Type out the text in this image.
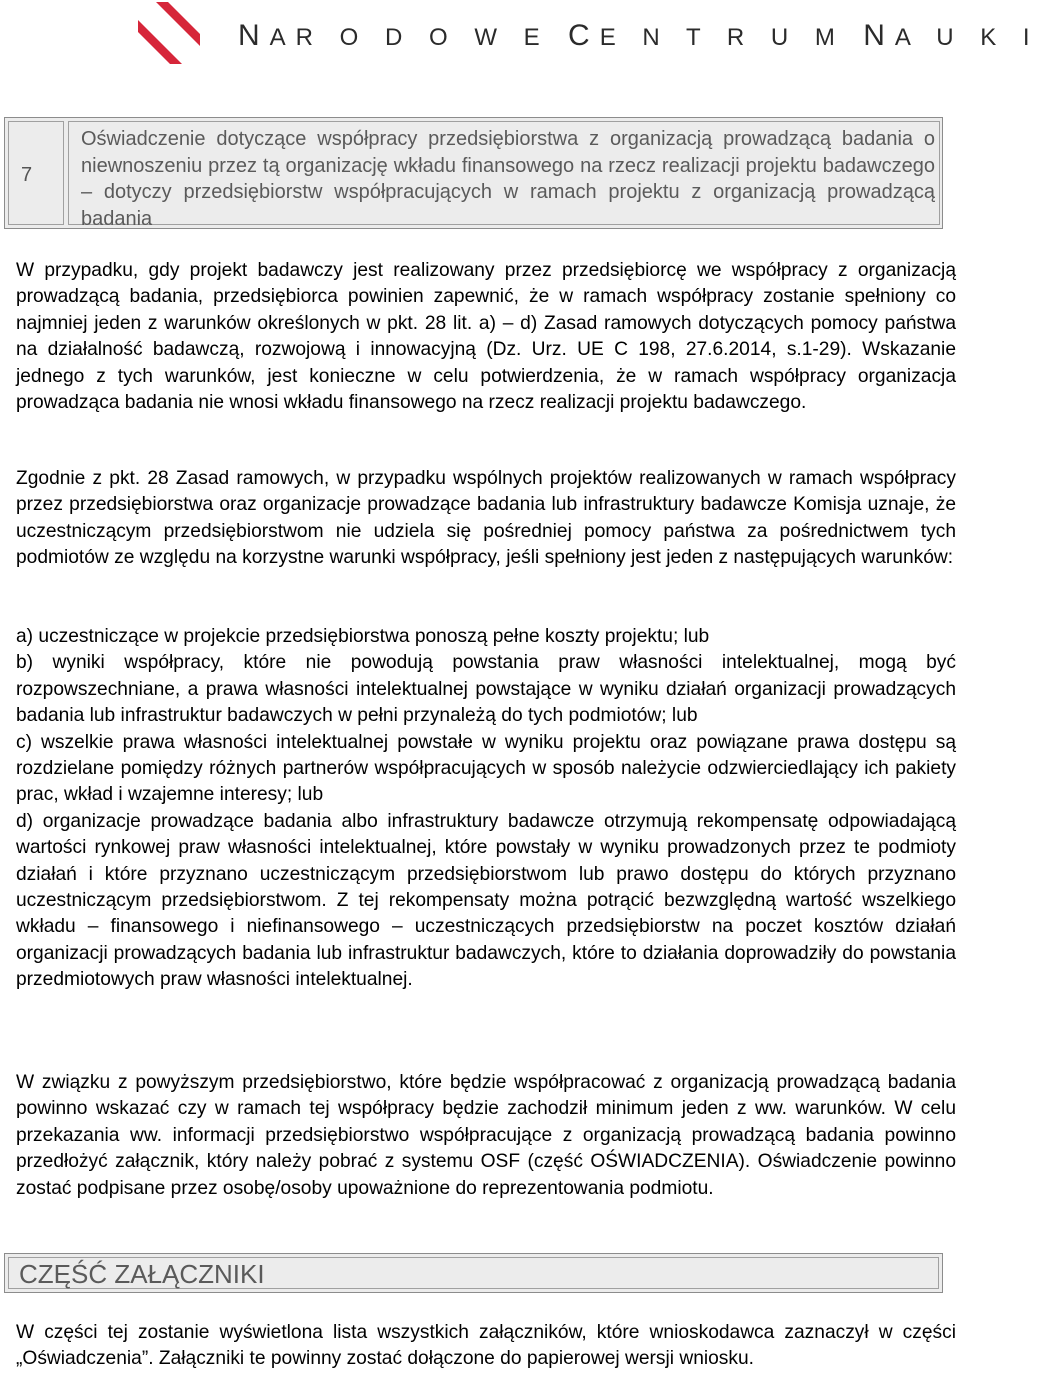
NAR O D O W E CE N T R U M NA U K I
7
Oświadczenie dotyczące współpracy przedsiębiorstwa z organizacją prowadzącą badania o niewnoszeniu przez tą organizację wkładu finansowego na rzecz realizacji projektu badawczego – dotyczy przedsiębiorstw współpracujących w ramach projektu z organizacją prowadzącą badania

W przypadku, gdy projekt badawczy jest realizowany przez przedsiębiorcę we współpracy z organizacją prowadzącą badania, przedsiębiorca powinien zapewnić, że w ramach współpracy zostanie spełniony co najmniej jeden z warunków określonych w pkt. 28 lit. a) – d) Zasad ramowych dotyczących pomocy państwa na działalność badawczą, rozwojową i innowacyjną (Dz. Urz. UE C 198, 27.6.2014, s.1-29). Wskazanie jednego z tych warunków, jest konieczne w celu potwierdzenia, że w ramach współpracy organizacja prowadząca badania nie wnosi wkładu finansowego na rzecz realizacji projektu badawczego.

Zgodnie z pkt. 28 Zasad ramowych, w przypadku wspólnych projektów realizowanych w ramach współpracy przez przedsiębiorstwa oraz organizacje prowadzące badania lub infrastruktury badawcze Komisja uznaje, że uczestniczącym przedsiębiorstwom nie udziela się pośredniej pomocy państwa za pośrednictwem tych podmiotów ze względu na korzystne warunki współpracy, jeśli spełniony jest jeden z następujących warunków:

a) uczestniczące w projekcie przedsiębiorstwa ponoszą pełne koszty projektu; lub
b) wyniki współpracy, które nie powodują powstania praw własności intelektualnej, mogą być rozpowszechniane, a prawa własności intelektualnej powstające w wyniku działań organizacji prowadzących badania lub infrastruktur badawczych w pełni przynależą do tych podmiotów; lub
c) wszelkie prawa własności intelektualnej powstałe w wyniku projektu oraz powiązane prawa dostępu są rozdzielane pomiędzy różnych partnerów współpracujących w sposób należycie odzwierciedlający ich pakiety prac, wkład i wzajemne interesy; lub
d) organizacje prowadzące badania albo infrastruktury badawcze otrzymują rekompensatę odpowiadającą wartości rynkowej praw własności intelektualnej, które powstały w wyniku prowadzonych przez te podmioty działań i które przyznano uczestniczącym przedsiębiorstwom lub prawo dostępu do których przyznano uczestniczącym przedsiębiorstwom. Z tej rekompensaty można potrącić bezwzględną wartość wszelkiego wkładu – finansowego i niefinansowego – uczestniczących przedsiębiorstw na poczet kosztów działań organizacji prowadzących badania lub infrastruktur badawczych, które to działania doprowadziły do powstania przedmiotowych praw własności intelektualnej.

W związku z powyższym przedsiębiorstwo, które będzie współpracować z organizacją prowadzącą badania powinno wskazać czy w ramach tej współpracy będzie zachodził minimum jeden z ww. warunków. W celu przekazania ww. informacji przedsiębiorstwo współpracujące z organizacją prowadzącą badania powinno przedłożyć załącznik, który należy pobrać z systemu OSF (część OŚWIADCZENIA). Oświadczenie powinno zostać podpisane przez osobę/osoby upoważnione do reprezentowania podmiotu.

CZĘŚĆ ZAŁĄCZNIKI

W części tej zostanie wyświetlona lista wszystkich załączników, które wnioskodawca zaznaczył w części „Oświadczenia”. Załączniki te powinny zostać dołączone do papierowej wersji wniosku.
